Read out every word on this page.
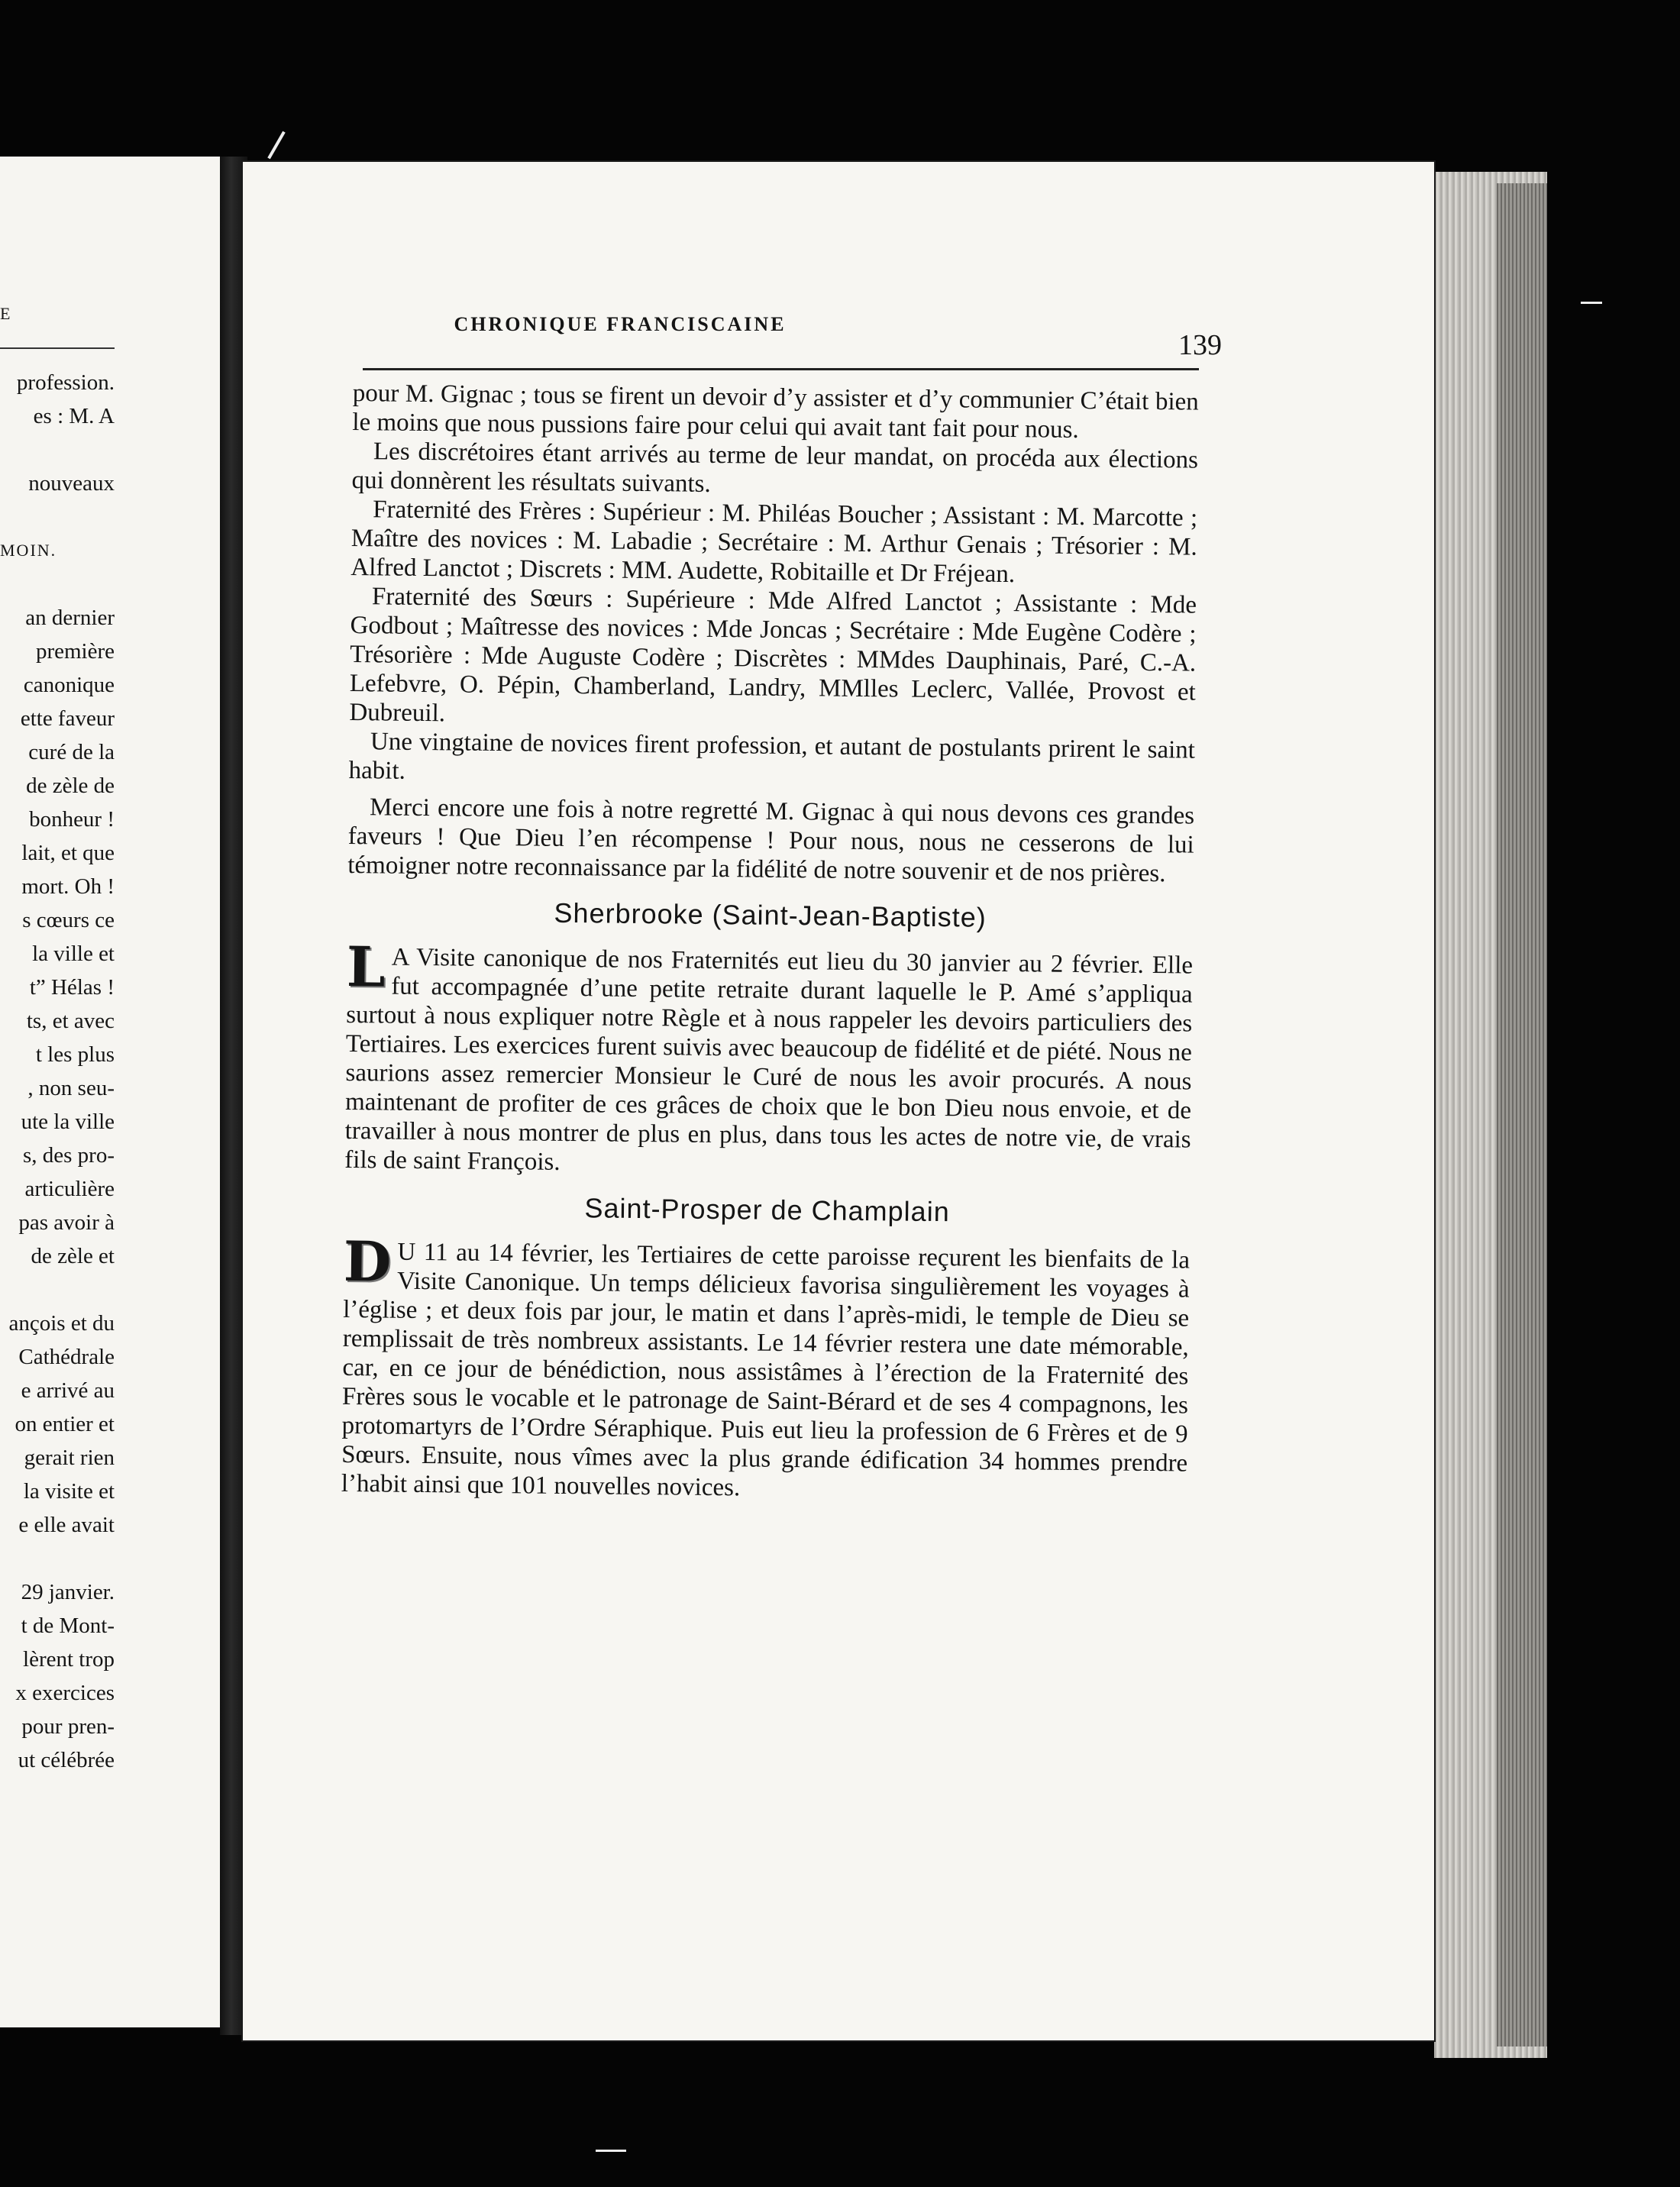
E
profession.
es : M. A
nouveaux
MOIN.
an dernier
première
canonique
ette faveur
curé de la
de zèle de
bonheur !
lait, et que
mort. Oh !
s cœurs ce
la ville et
t” Hélas !
ts, et avec
t les plus
, non seu-
ute la ville
s, des pro-
articulière
pas avoir à
de zèle et
ançois et du
Cathédrale
e arrivé au
on entier et
gerait rien
la visite et
e elle avait
29 janvier.
t de Mont-
lèrent trop
x exercices
pour pren-
ut célébrée
CHRONIQUE FRANCISCAINE
139

pour M. Gignac ; tous se firent un devoir d’y assister et d’y communier C’était bien le moins que nous pussions faire pour celui qui avait tant fait pour nous.

Les discrétoires étant arrivés au terme de leur mandat, on procéda aux élections qui donnèrent les résultats suivants.

Fraternité des Frères : Supérieur : M. Philéas Boucher ; Assistant : M. Marcotte ; Maître des novices : M. Labadie ; Secrétaire : M. Arthur Genais ; Trésorier : M. Alfred Lanctot ; Discrets : MM. Audette, Robitaille et Dr Fréjean.

Fraternité des Sœurs : Supérieure : Mde Alfred Lanctot ; Assistante : Mde Godbout ; Maîtresse des novices : Mde Joncas ; Secrétaire : Mde Eugène Codère ; Trésorière : Mde Auguste Codère ; Discrètes : MMdes Dauphinais, Paré, C.-A. Lefebvre, O. Pépin, Chamberland, Landry, MMlles Leclerc, Vallée, Provost et Dubreuil.

Une vingtaine de novices firent profession, et autant de postulants prirent le saint habit.

Merci encore une fois à notre regretté M. Gignac à qui nous devons ces grandes faveurs ! Que Dieu l’en récompense ! Pour nous, nous ne cesserons de lui témoigner notre reconnaissance par la fidélité de notre souvenir et de nos prières.

Sherbrooke (Saint-Jean-Baptiste)

L A Visite canonique de nos Fraternités eut lieu du 30 janvier au 2 février. Elle fut accompagnée d’une petite retraite durant laquelle le P. Amé s’appliqua surtout à nous expliquer notre Règle et à nous rappeler les devoirs particuliers des Tertiaires. Les exercices furent suivis avec beaucoup de fidélité et de piété. Nous ne saurions assez remercier Monsieur le Curé de nous les avoir procurés. A nous maintenant de profiter de ces grâces de choix que le bon Dieu nous envoie, et de travailler à nous montrer de plus en plus, dans tous les actes de notre vie, de vrais fils de saint François.

Saint-Prosper de Champlain

D U 11 au 14 février, les Tertiaires de cette paroisse reçurent les bienfaits de la Visite Canonique. Un temps délicieux favorisa singulièrement les voyages à l’église ; et deux fois par jour, le matin et dans l’après-midi, le temple de Dieu se remplissait de très nombreux assistants. Le 14 février restera une date mémorable, car, en ce jour de bénédiction, nous assistâmes à l’érection de la Fraternité des Frères sous le vocable et le patronage de Saint-Bérard et de ses 4 compagnons, les protomartyrs de l’Ordre Séraphique. Puis eut lieu la profession de 6 Frères et de 9 Sœurs. Ensuite, nous vîmes avec la plus grande édification 34 hommes prendre l’habit ainsi que 101 nouvelles novices.
